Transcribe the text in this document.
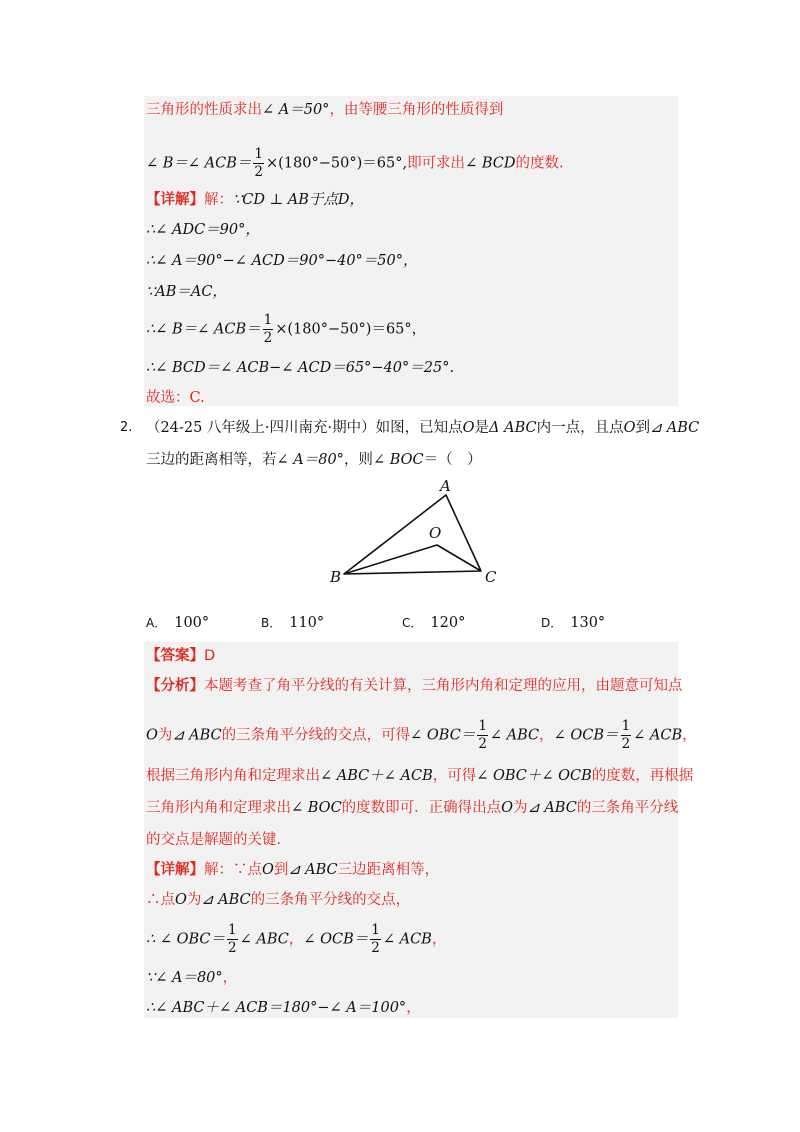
三角形的性质求出∠ A＝50°，由等腰三角形的性质得到
∠ B＝∠ $ACB= \frac{1}{2} \times(180^\circ-50^\circ)=65^\circ$,即可求出∠ BCD的度数.
【详解】解：∵CD ⊥ AB于点D，
∴∠ ADC＝90°，
∴∠ A＝90°−∠ ACD＝90°−40°＝50°，
∵AB＝AC，
∴∠ B＝∠ $ACB= \frac{1}{2} \times(180^\circ-50^\circ)=65^\circ$，
∴∠ BCD＝∠ ACB−∠ ACD＝65°−40°＝25°.
故选：C.
2. （24-25 八年级上·四川南充·期中）如图，已知点O是Δ ABC内一点，且点O到⊿ ABC
三边的距离相等，若∠ A＝80°，则∠ BOC＝（　）
A
B	C
O
A． 100°	B． 110°	C． 120°	D． 130°
【答案】D
【分析】本题考查了角平分线的有关计算，三角形内角和定理的应用，由题意可知点
O为⊿ ABC的三条角平分线的交点，可得∠ $OBC= \frac{1}{2}$ ∠ ABC，∠ $OCB= \frac{1}{2}$ ∠ ACB，
根据三角形内角和定理求出∠ ABC＋∠ ACB，可得∠ OBC＋∠ OCB的度数，再根据
三角形内角和定理求出∠ BOC的度数即可．正确得出点O为⊿ ABC的三条角平分线
的交点是解题的关键．
【详解】解：∵点O到⊿ ABC三边距离相等，
∴点O为⊿ ABC的三条角平分线的交点，
∴ ∠ $OBC= \frac{1}{2}$ ∠ ABC，∠ $OCB= \frac{1}{2}$ ∠ ACB，
∵∠ A＝80°，
∴∠ ABC＋∠ ACB＝180°−∠ A＝100°，
